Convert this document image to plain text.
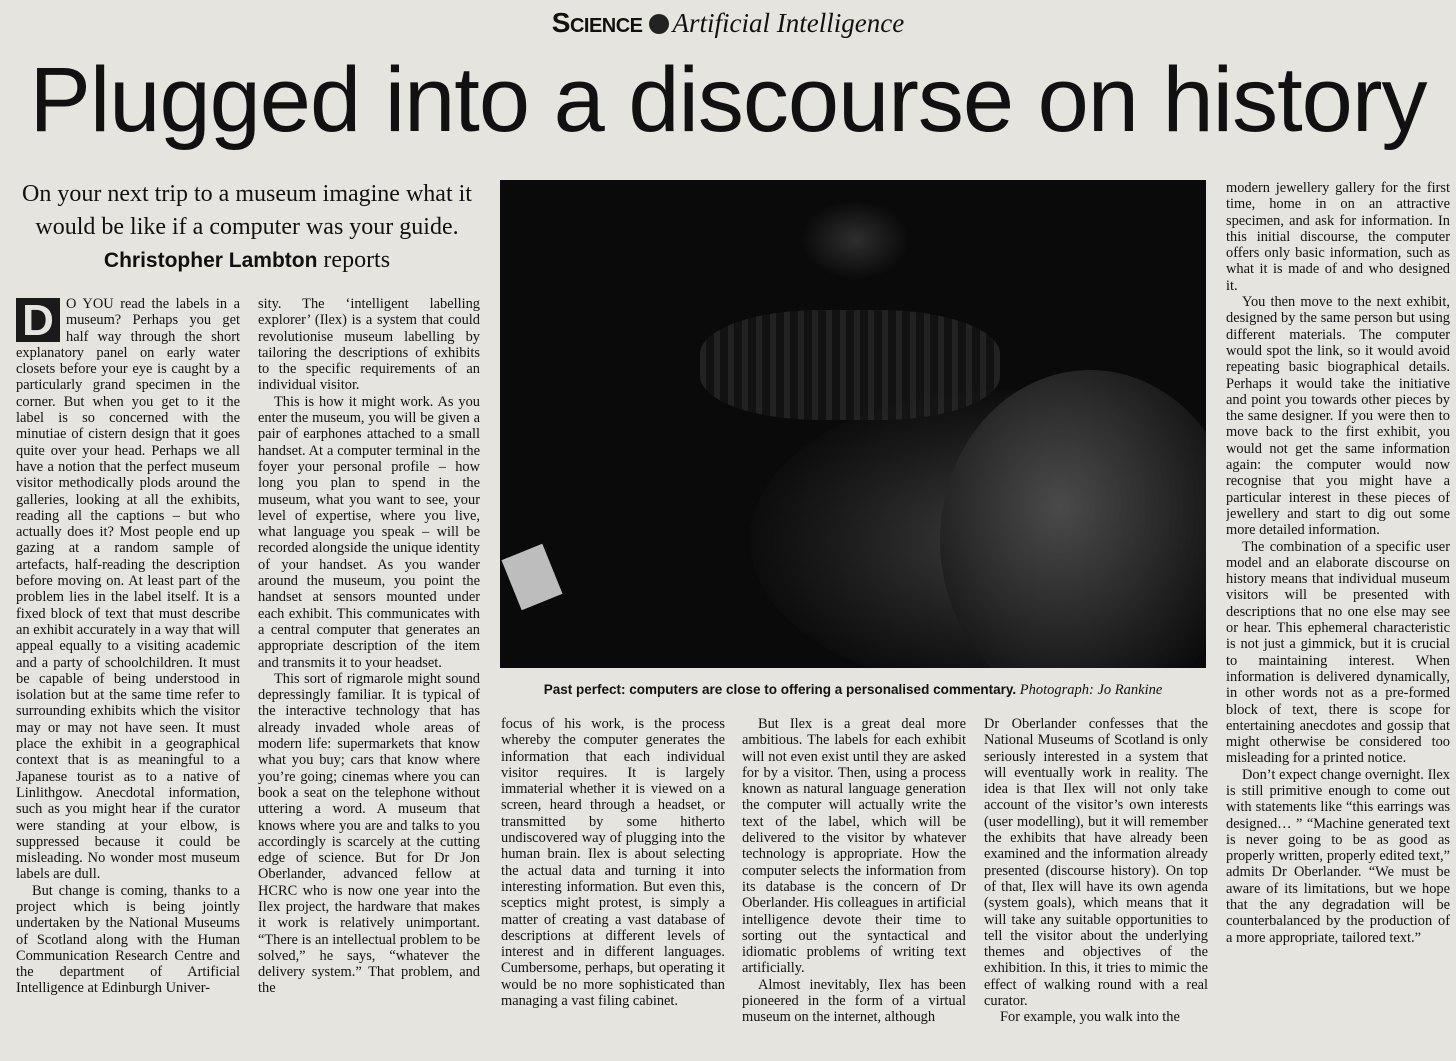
Science Artificial Intelligence
Plugged into a discourse on history
On your next trip to a museum imagine what it would be like if a computer was your guide. Christopher Lambton reports

D O YOU read the labels in a museum? Perhaps you get half way through the short explanatory panel on early water closets before your eye is caught by a particularly grand specimen in the corner. But when you get to it the label is so concerned with the minutiae of cistern design that it goes quite over your head. Perhaps we all have a notion that the perfect museum visitor methodically plods around the galleries, looking at all the exhibits, reading all the captions – but who actually does it? Most people end up gazing at a random sample of artefacts, half-reading the description before moving on. At least part of the problem lies in the label itself. It is a fixed block of text that must describe an exhibit accurately in a way that will appeal equally to a visiting academic and a party of schoolchildren. It must be capable of being understood in isolation but at the same time refer to surrounding exhibits which the visitor may or may not have seen. It must place the exhibit in a geographical context that is as meaningful to a Japanese tourist as to a native of Linlithgow. Anecdotal information, such as you might hear if the curator were standing at your elbow, is suppressed because it could be misleading. No wonder most museum labels are dull.

But change is coming, thanks to a project which is being jointly undertaken by the National Museums of Scotland along with the Human Communication Research Centre and the department of Artificial Intelligence at Edinburgh Univer-

sity. The ‘intelligent labelling explorer’ (Ilex) is a system that could revolutionise museum labelling by tailoring the descriptions of exhibits to the specific requirements of an individual visitor.

This is how it might work. As you enter the museum, you will be given a pair of earphones attached to a small handset. At a computer terminal in the foyer your personal profile – how long you plan to spend in the museum, what you want to see, your level of expertise, where you live, what language you speak – will be recorded alongside the unique identity of your handset. As you wander around the museum, you point the handset at sensors mounted under each exhibit. This communicates with a central computer that generates an appropriate description of the item and transmits it to your headset.

This sort of rigmarole might sound depressingly familiar. It is typical of the interactive technology that has already invaded whole areas of modern life: supermarkets that know what you buy; cars that know where you’re going; cinemas where you can book a seat on the telephone without uttering a word. A museum that knows where you are and talks to you accordingly is scarcely at the cutting edge of science. But for Dr Jon Oberlander, advanced fellow at HCRC who is now one year into the Ilex project, the hardware that makes it work is relatively unimportant. “There is an intellectual problem to be solved,” he says, “whatever the delivery system.” That problem, and the

Past perfect: computers are close to offering a personalised commentary. Photograph: Jo Rankine

focus of his work, is the process whereby the computer generates the information that each individual visitor requires. It is largely immaterial whether it is viewed on a screen, heard through a headset, or transmitted by some hitherto undiscovered way of plugging into the human brain. Ilex is about selecting the actual data and turning it into interesting information. But even this, sceptics might protest, is simply a matter of creating a vast database of descriptions at different levels of interest and in different languages. Cumbersome, perhaps, but operating it would be no more sophisticated than managing a vast filing cabinet.

But Ilex is a great deal more ambitious. The labels for each exhibit will not even exist until they are asked for by a visitor. Then, using a process known as natural language generation the computer will actually write the text of the label, which will be delivered to the visitor by whatever technology is appropriate. How the computer selects the information from its database is the concern of Dr Oberlander. His colleagues in artificial intelligence devote their time to sorting out the syntactical and idiomatic problems of writing text artificially.

Almost inevitably, Ilex has been pioneered in the form of a virtual museum on the internet, although

Dr Oberlander confesses that the National Museums of Scotland is only seriously interested in a system that will eventually work in reality. The idea is that Ilex will not only take account of the visitor’s own interests (user modelling), but it will remember the exhibits that have already been examined and the information already presented (discourse history). On top of that, Ilex will have its own agenda (system goals), which means that it will take any suitable opportunities to tell the visitor about the underlying themes and objectives of the exhibition. In this, it tries to mimic the effect of walking round with a real curator.

For example, you walk into the

modern jewellery gallery for the first time, home in on an attractive specimen, and ask for information. In this initial discourse, the computer offers only basic information, such as what it is made of and who designed it.

You then move to the next exhibit, designed by the same person but using different materials. The computer would spot the link, so it would avoid repeating basic biographical details. Perhaps it would take the initiative and point you towards other pieces by the same designer. If you were then to move back to the first exhibit, you would not get the same information again: the computer would now recognise that you might have a particular interest in these pieces of jewellery and start to dig out some more detailed information.

The combination of a specific user model and an elaborate discourse on history means that individual museum visitors will be presented with descriptions that no one else may see or hear. This ephemeral characteristic is not just a gimmick, but it is crucial to maintaining interest. When information is delivered dynamically, in other words not as a pre-formed block of text, there is scope for entertaining anecdotes and gossip that might otherwise be considered too misleading for a printed notice.

Don’t expect change overnight. Ilex is still primitive enough to come out with statements like “this earrings was designed… ” “Machine generated text is never going to be as good as properly written, properly edited text,” admits Dr Oberlander. “We must be aware of its limitations, but we hope that the any degradation will be counterbalanced by the production of a more appropriate, tailored text.”
